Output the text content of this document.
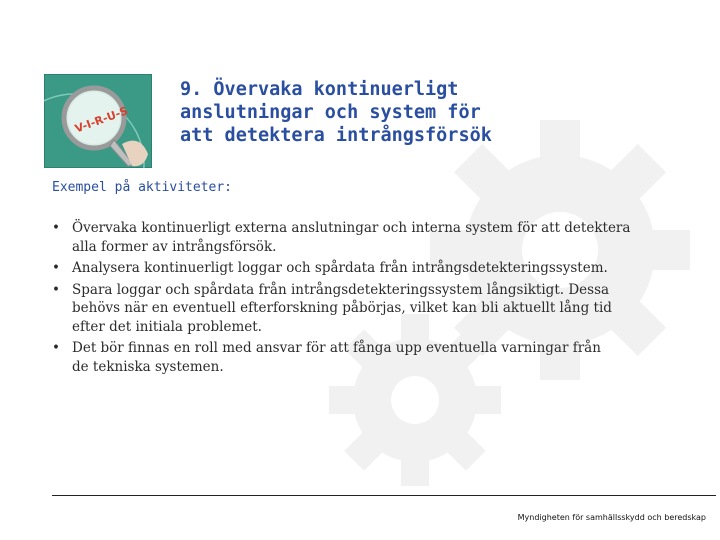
V-I-R-U-S
9. Övervaka kontinuerligt
anslutningar och system för
att detektera intrångsförsök
Exempel på aktiviteter:
• Övervaka kontinuerligt externa anslutningar och interna system för att detektera
alla former av intrångsförsök.
• Analysera kontinuerligt loggar och spårdata från intrångsdetekteringssystem.
• Spara loggar och spårdata från intrångsdetekteringssystem långsiktigt. Dessa
behövs när en eventuell efterforskning påbörjas, vilket kan bli aktuellt lång tid
efter det initiala problemet.
• Det bör finnas en roll med ansvar för att fånga upp eventuella varningar från
de tekniska systemen.
Myndigheten för samhällsskydd och beredskap
